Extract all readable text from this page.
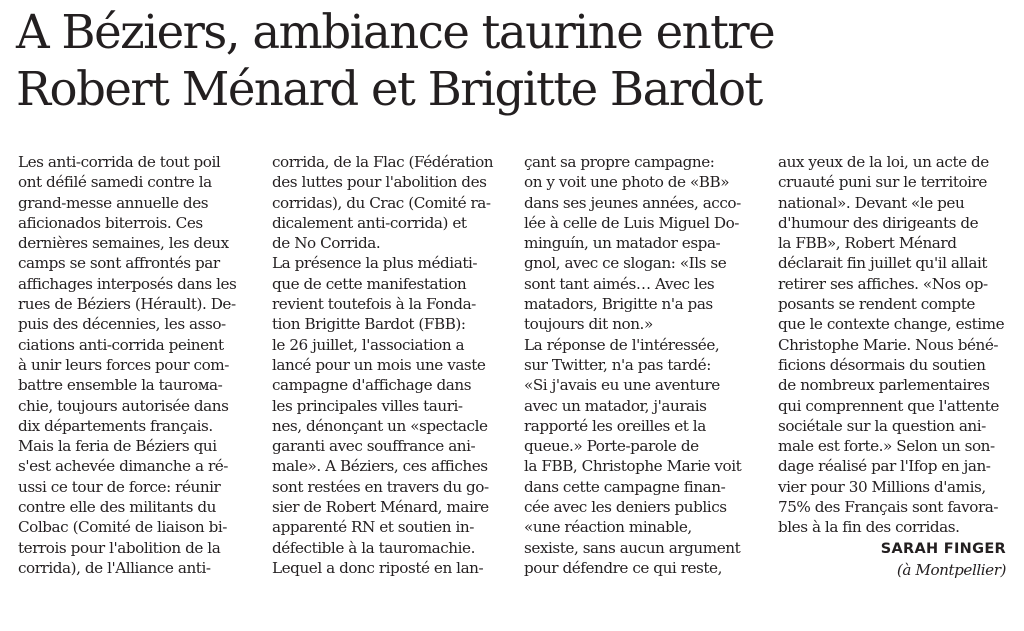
A Béziers, ambiance taurine entre
Robert Ménard et Brigitte Bardot
Les anti-corrida de tout poil
ont défilé samedi contre la
grand-messe annuelle des
aficionados biterrois. Ces
dernières semaines, les deux
camps se sont affrontés par
affichages interposés dans les
rues de Béziers (Hérault). De-
puis des décennies, les asso-
ciations anti-corrida peinent
à unir leurs forces pour com-
battre ensemble la taurома-
chie, toujours autorisée dans
dix départements français.
Mais la feria de Béziers qui
s'est achevée dimanche a ré-
ussi ce tour de force: réunir
contre elle des militants du
Colbac (Comité de liaison bi-
terrois pour l'abolition de la
corrida), de l'Alliance anti-
corrida, de la Flac (Fédération
des luttes pour l'abolition des
corridas), du Crac (Comité ra-
dicalement anti-corrida) et
de No Corrida.
La présence la plus médiati-
que de cette manifestation
revient toutefois à la Fonda-
tion Brigitte Bardot (FBB):
le 26 juillet, l'association a
lancé pour un mois une vaste
campagne d'affichage dans
les principales villes tauri-
nes, dénonçant un «spectacle
garanti avec souffrance ani-
male». A Béziers, ces affiches
sont restées en travers du go-
sier de Robert Ménard, maire
apparenté RN et soutien in-
défectible à la tauromachie.
Lequel a donc riposté en lan-
çant sa propre campagne:
on y voit une photo de «BB»
dans ses jeunes années, acco-
lée à celle de Luis Miguel Do-
minguín, un matador espa-
gnol, avec ce slogan: «Ils se
sont tant aimés… Avec les
matadors, Brigitte n'a pas
toujours dit non.»
La réponse de l'intéressée,
sur Twitter, n'a pas tardé:
«Si j'avais eu une aventure
avec un matador, j'aurais
rapporté les oreilles et la
queue.» Porte-parole de
la FBB, Christophe Marie voit
dans cette campagne finan-
cée avec les deniers publics
«une réaction minable,
sexiste, sans aucun argument
pour défendre ce qui reste,
aux yeux de la loi, un acte de
cruauté puni sur le territoire
national». Devant «le peu
d'humour des dirigeants de
la FBB», Robert Ménard
déclarait fin juillet qu'il allait
retirer ses affiches. «Nos op-
posants se rendent compte
que le contexte change, estime
Christophe Marie. Nous béné-
ficions désormais du soutien
de nombreux parlementaires
qui comprennent que l'attente
sociétale sur la question ani-
male est forte.» Selon un son-
dage réalisé par l'Ifop en jan-
vier pour 30 Millions d'amis,
75% des Français sont favora-
bles à la fin des corridas.
SARAH FINGER
(à Montpellier)
